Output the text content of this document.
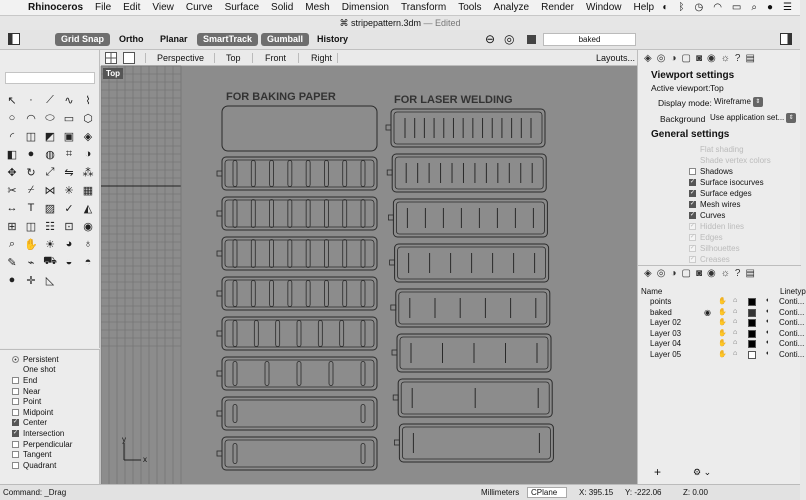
Rhinoceros	File	Edit	View	Curve	Surface	Solid	Mesh	Dimension	Transform	Tools	Analyze	Render	Window	Help ◐ ᛒ ◷ ◠ ▭ ⌕ ● ☰
⌘ stripepattern.3dm — Edited
Grid Snap	Ortho	Planar	SmartTrack	Gumball	History	⊖ ◎	baked
↖	·	⟋ ∿	⌇
○ ◠ ⬭ ▭ ⬡
◜	◫ ◩ ▣ ◈
◧ ● ◍	⌗	◑
✥ ↻ ⤢ ⇋ ⁂
✂	⌿ ⋈ ✳ ▦
↔ T ▨ ✓ ◭
⊞ ◫ ☷ ⊡ ◉
⌕ ✋ ☀ ◕	♁
✎	⌁ ⛟ ◒	◓
●	✛ ◺
Persistent
One shot
End
Near
Point
Midpoint
✓ Center
✓ Intersection
Perpendicular
Tangent
Quadrant
Perspective Top	Front	Right	Layouts...
Top
FOR BAKING PAPER	FOR LASER WELDING
y
x
◈ ◎ ◑ ▢ ◙ ◉ ☼ ? ▤
Viewport settings
Active viewport: Top
Display mode: Wireframe ⇕
Background Use application set... ⇕
General settings
Flat shading
Shade vertex colors
Shadows
✓ Surface isocurves
✓ Surface edges
✓ Mesh wires
✓ Curves
✓ Hidden lines
✓ Edges
✓ Silhouettes
✓ Creases
◈ ◎ ◑ ▢ ◙ ◉ ☼ ? ▤
Name	Linetyp
points	✋ ⌂	◖ Conti...
baked	◉ ✋ ⌂	◖ Conti...
Layer 02	✋ ⌂	◖ Conti...
Layer 03	✋ ⌂	◖ Conti...
Layer 04	✋ ⌂	◖ Conti...
Layer 05	✋ ⌂	◖ Conti...
+	⚙ ⌄
Command: _Drag	Millimeters	CPlane	X: 395.15 Y: -222.06	Z: 0.00
